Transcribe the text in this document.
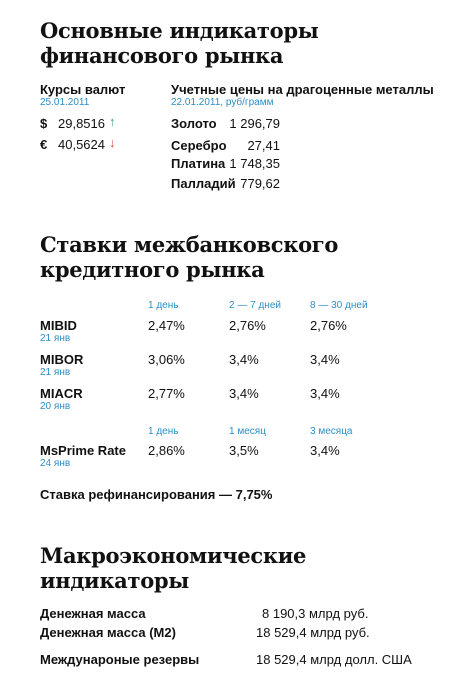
Основные индикаторы
финансового рынка
Курсы валют
25.01.2011
$ 29,8516 ↑
€ 40,5624 ↓
Учетные цены на драгоценные металлы
22.01.2011, руб/грамм
Золото 1 296,79
Серебро 27,41
Платина 1 748,35
Палладий 779,62
Ставки межбанковского
кредитного рынка
1 день	2 — 7 дней	8 — 30 дней
MIBID
21 янв
2,47%	2,76%	2,76%
MIBOR
21 янв
3,06%	3,4%	3,4%
MIACR
20 янв
2,77%	3,4%	3,4%
1 день	1 месяц	3 месяца
MsPrime Rate
24 янв
2,86%	3,5%	3,4%
Ставка рефинансирования — 7,75%
Макроэкономические
индикаторы
Денежная масса	8 190,3 млрд руб.
Денежная масса (М2)	18 529,4 млрд руб.
Междунароные резервы	18 529,4 млрд долл. США
